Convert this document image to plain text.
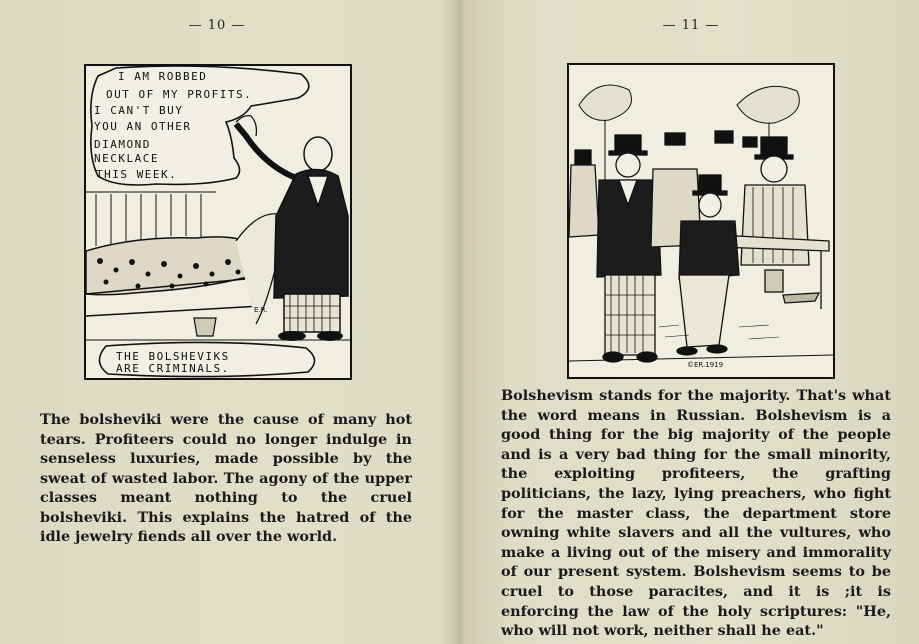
— 10 —
I AM ROBBED
OUT OF MY PROFITS.
I CAN'T BUY
YOU AN OTHER
DIAMOND
NECKLACE
THIS WEEK.
E.R.
THE BOLSHEVIKS
ARE CRIMINALS.
The bolsheviki were the cause of many hot tears. Profiteers could no longer indulge in senseless luxuries, made possible by the sweat of wasted labor. The agony of the upper classes meant nothing to the cruel bolsheviki. This explains the hatred of the idle jewelry fiends all over the world.
— 11 —
©ER.1919
Bolshevism stands for the majority. That's what the word means in Russian. Bolshevism is a good thing for the big majority of the people and is a very bad thing for the small minority, the exploiting profiteers, the grafting politicians, the lazy, lying preachers, who fight for the master class, the department store owning white slavers and all the vultures, who make a living out of the misery and immorality of our present system. Bolshevism seems to be cruel to those paracites, and it is ;it is enforcing the law of the holy scriptures: "He, who will not work, neither shall he eat."
